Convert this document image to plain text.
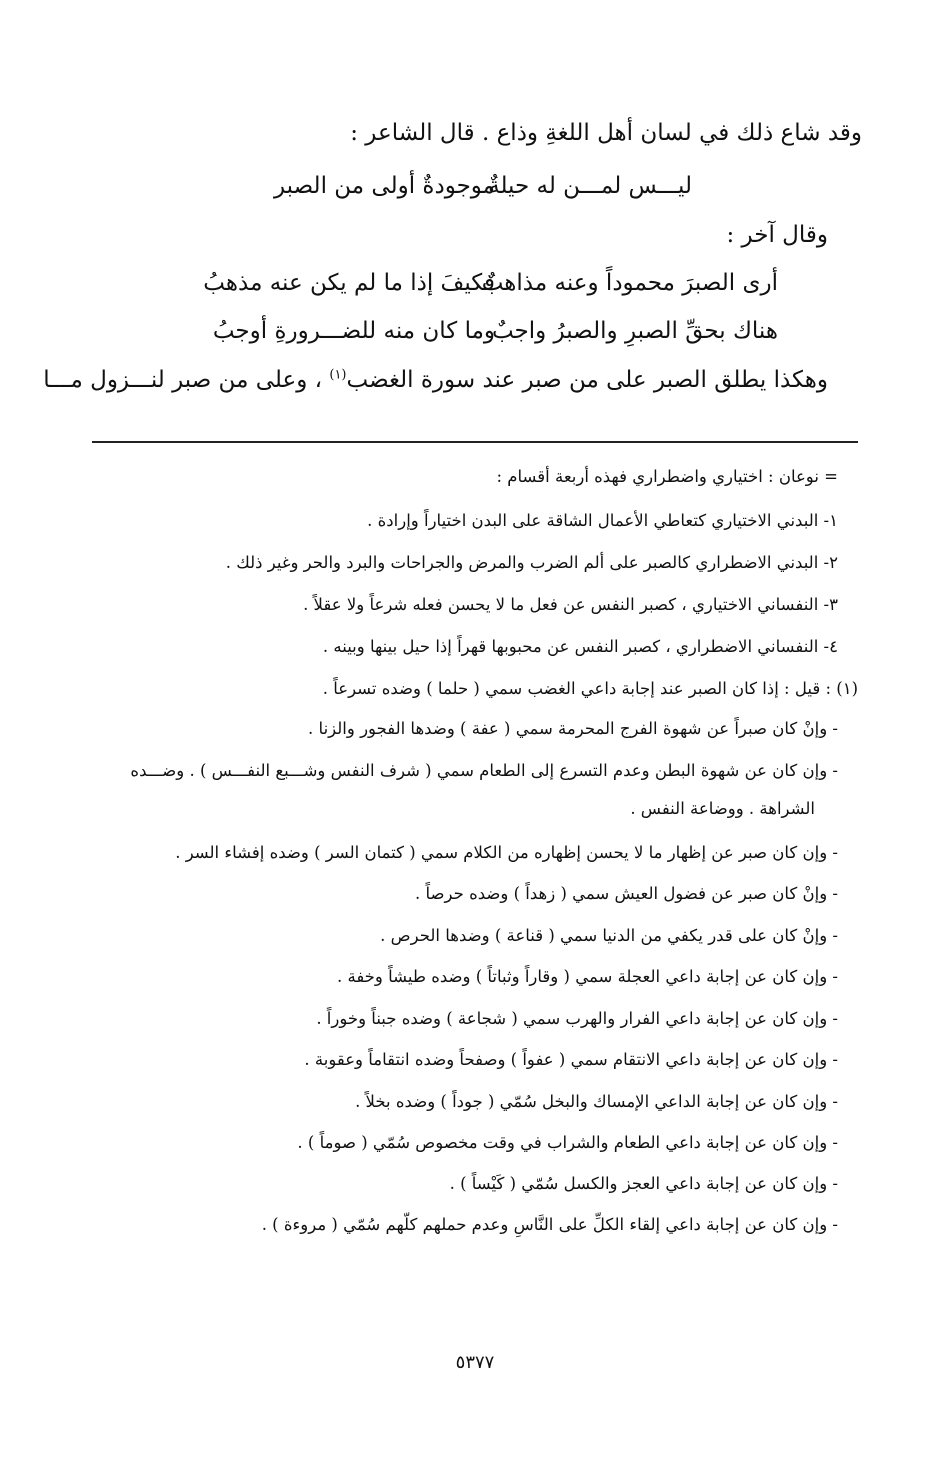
وقد شاع ذلك في لسان أهل اللغةِ وذاع . قال الشاعر :
ليـــس لمـــن له حيلةٌ
موجودةٌ أولى من الصبر
وقال آخر :
أرى الصبرَ محموداً وعنه مذاهبٌ
فكيفَ إذا ما لم يكن عنه مذهبُ
هناك بحقِّ الصبرِ والصبرُ واجبٌ
وما كان منه للضـــرورةِ أوجبُ
وهكذا يطلق الصبر على من صبر عند سورة الغضب$^{(١)}$ ، وعلى من صبر لنـــزول مـــا
= نوعان : اختياري واضطراري فهذه أربعة أقسام :
١- البدني الاختياري كتعاطي الأعمال الشاقة على البدن اختياراً وإرادة .
٢- البدني الاضطراري كالصبر على ألم الضرب والمرض والجراحات والبرد والحر وغير ذلك .
٣- النفساني الاختياري ، كصبر النفس عن فعل ما لا يحسن فعله شرعاً ولا عقلاً .
٤- النفساني الاضطراري ، كصبر النفس عن محبوبها قهراً إذا حيل بينها وبينه .
(١) : قيل : إذا كان الصبر عند إجابة داعي الغضب سمي ( حلما ) وضده تسرعاً .
- وإنْ كان صبراً عن شهوة الفرج المحرمة سمي ( عفة ) وضدها الفجور والزنا .
- وإن كان عن شهوة البطن وعدم التسرع إلى الطعام سمي ( شرف النفس وشـــبع النفـــس ) . وضـــده
الشراهة . ووضاعة النفس .
- وإن كان صبر عن إظهار ما لا يحسن إظهاره من الكلام سمي ( كتمان السر ) وضده إفشاء السر .
- وإنْ كان صبر عن فضول العيش سمي ( زهداً ) وضده حرصاً .
- وإنْ كان على قدر يكفي من الدنيا سمي ( قناعة ) وضدها الحرص .
- وإن كان عن إجابة داعي العجلة سمي ( وقاراً وثباتاً ) وضده طيشاً وخفة .
- وإن كان عن إجابة داعي الفرار والهرب سمي ( شجاعة ) وضده جبناً وخوراً .
- وإن كان عن إجابة داعي الانتقام سمي ( عفواً ) وصفحاً وضده انتقاماً وعقوبة .
- وإن كان عن إجابة الداعي الإمساك والبخل سُمّي ( جوداً ) وضده بخلاً .
- وإن كان عن إجابة داعي الطعام والشراب في وقت مخصوص سُمّي ( صوماً ) .
- وإن كان عن إجابة داعي العجز والكسل سُمّي ( كَيْساً ) .
- وإن كان عن إجابة داعي إلقاء الكلِّ على النَّاسِ وعدم حملهم كلّهم سُمّي ( مروءة ) .
٥٣٧٧
